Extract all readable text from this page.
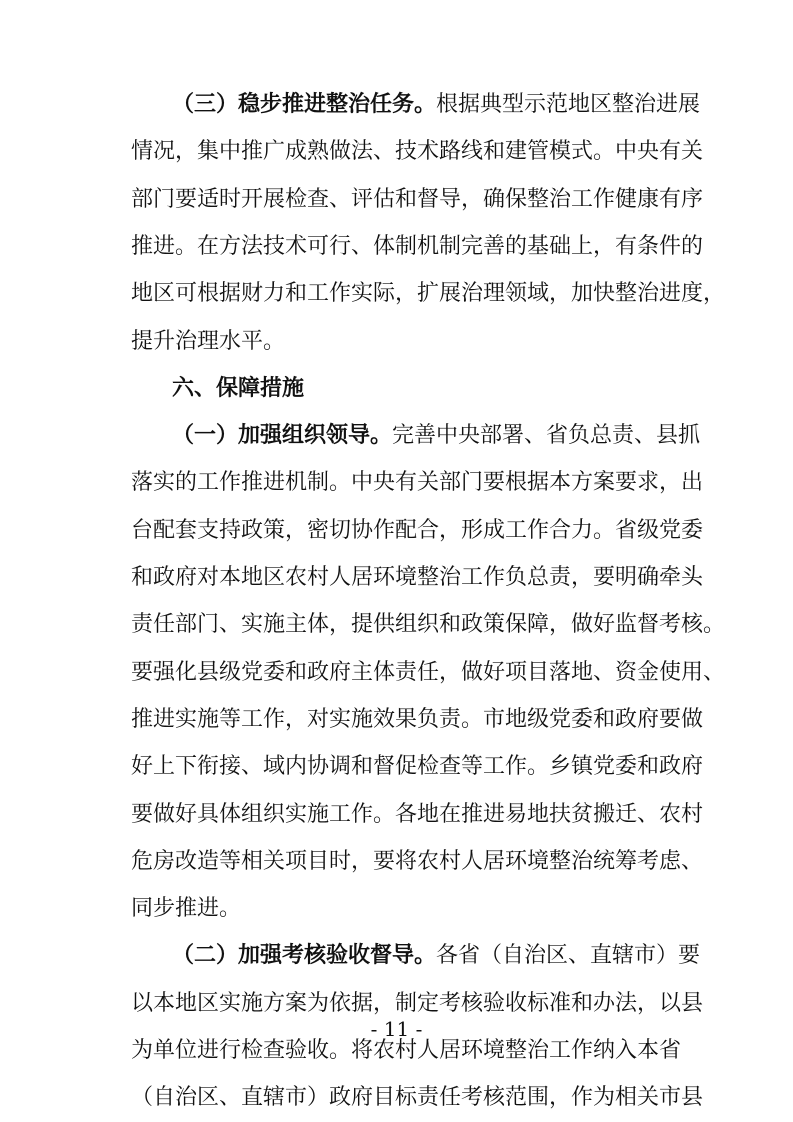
（三）稳步推进整治任务。根据典型示范地区整治进展
情况，集中推广成熟做法、技术路线和建管模式。中央有关
部门要适时开展检查、评估和督导，确保整治工作健康有序
推进。在方法技术可行、体制机制完善的基础上，有条件的
地区可根据财力和工作实际，扩展治理领域，加快整治进度，
提升治理水平。
六、保障措施
（一）加强组织领导。完善中央部署、省负总责、县抓
落实的工作推进机制。中央有关部门要根据本方案要求，出
台配套支持政策，密切协作配合，形成工作合力。省级党委
和政府对本地区农村人居环境整治工作负总责，要明确牵头
责任部门、实施主体，提供组织和政策保障，做好监督考核。
要强化县级党委和政府主体责任，做好项目落地、资金使用、
推进实施等工作，对实施效果负责。市地级党委和政府要做
好上下衔接、域内协调和督促检查等工作。乡镇党委和政府
要做好具体组织实施工作。各地在推进易地扶贫搬迁、农村
危房改造等相关项目时，要将农村人居环境整治统筹考虑、
同步推进。
（二）加强考核验收督导。各省（自治区、直辖市）要
以本地区实施方案为依据，制定考核验收标准和办法，以县
为单位进行检查验收。将农村人居环境整治工作纳入本省
（自治区、直辖市）政府目标责任考核范围，作为相关市县
- 11 -
